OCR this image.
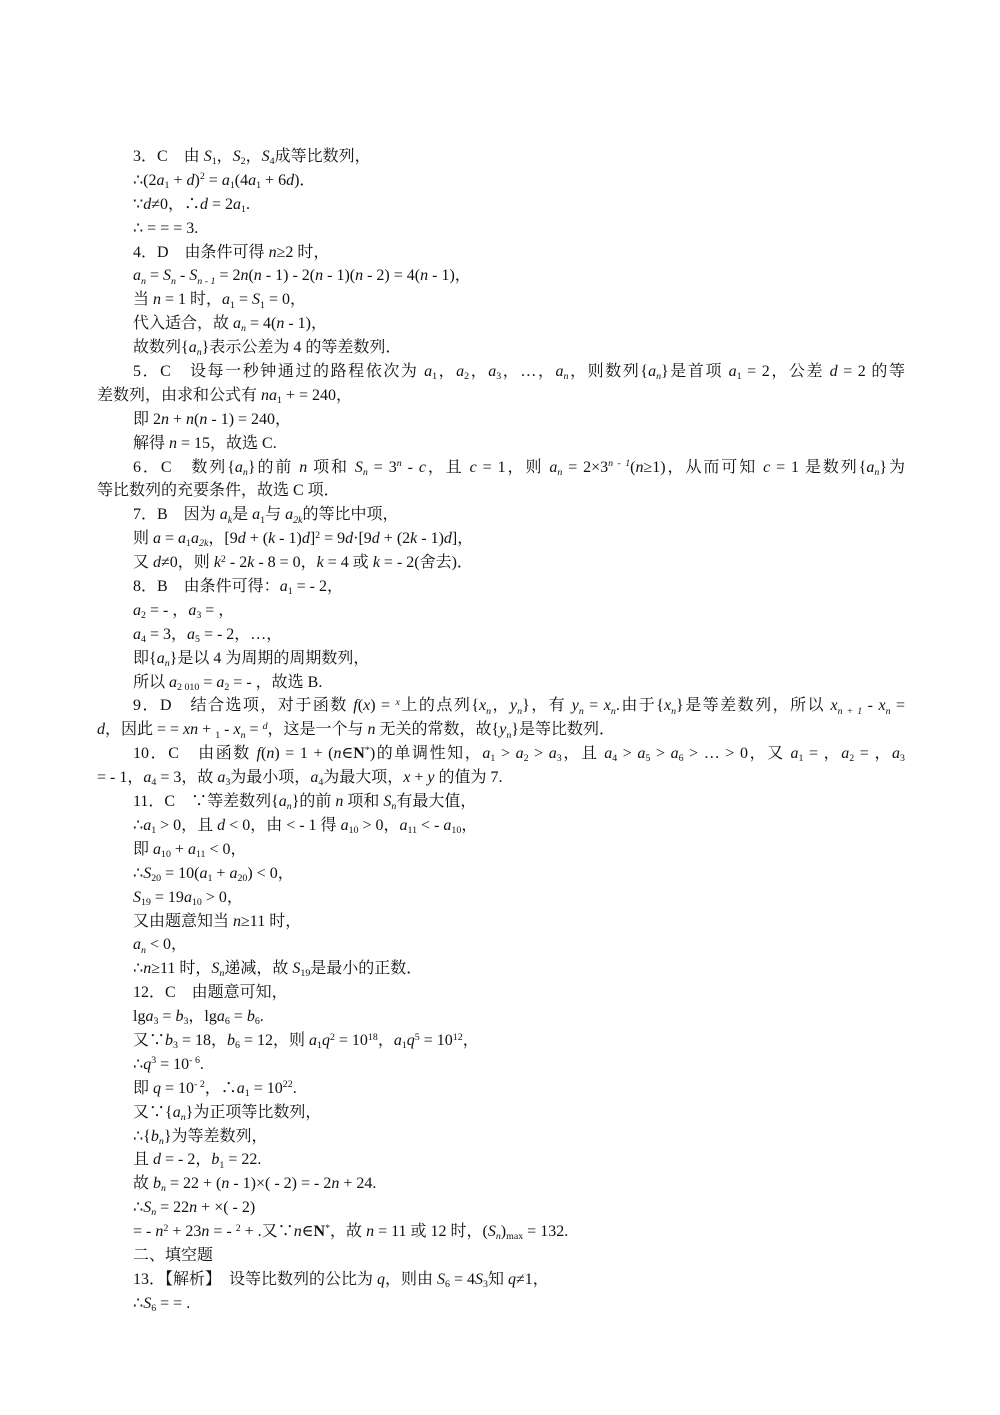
3．C　由 S1，S2，S4成等比数列，
∴(2a1 + d)$^2$ = a1(4a1 + 6d)．
∵d≠0，∴d = 2a1.
∴ = = = 3.
4．D　由条件可得 n≥2 时，
an = Sn - Sn - 1 = 2n(n - 1) - 2(n - 1)(n - 2) = 4(n - 1)，
当 n = 1 时，a1 = S1 = 0，
代入适合，故 an = 4(n - 1)，
故数列{an}表示公差为 4 的等差数列．
5．C　设每一秒钟通过的路程依次为 a1，a2，a3，…，an，则数列{an}是首项 a1 = 2，公差 d = 2 的等
差数列，由求和公式有 na1 + = 240，
即 2n + n(n - 1) = 240，
解得 n = 15，故选 C.
6．C　数列{an}的前 n 项和 $Sn = 3^n - c$，且 c = 1，则 an = $2\times 3^{n - 1}(n\ge 1)$，从而可知 c = 1 是数列{an}为
等比数列的充要条件，故选 C 项．
7．B　因为 ak是 a1与 a2k的等比中项，
则 a = a1a2k，$[9d + (k - 1)d]^2 = 9d\cdot[9d + (2k - 1)d]$，
又 d≠0，则 $k^2 - 2k - 8 = 0$，k = 4 或 k = - 2(舍去)．
8．B　由条件可得：a1 = - 2，
a2 = - ，a3 = ，
a4 = 3，a5 = - 2，…，
即{an}是以 4 为周期的周期数列，
所以 a2 010 = a2 = - ，故选 B.
9．D　结合选项，对于函数 f(x) = $^x$上的点列{xn，yn}，有 yn = xn.由于{xn}是等差数列，所以 xn + 1 - xn =
d，因此 = = xn + 1 - xn = $^d$，这是一个与 n 无关的常数，故{yn}是等比数列．
10．C　由函数 f(n) = 1 + (n∈N*)的单调性知，a1 > a2 > a3，且 a4 > a5 > a6 > … > 0，又 a1 = ，a2 = ，a3
= - 1，a4 = 3，故 a3为最小项，a4为最大项，x + y 的值为 7.
11．C　∵等差数列{an}的前 n 项和 Sn有最大值，
∴a1 > 0，且 d < 0，由 < - 1 得 a10 > 0，a11 < - a10，
即 a10 + a11 < 0，
∴S20 = 10(a1 + a20) < 0，
S19 = 19a10 > 0，
又由题意知当 n≥11 时，
an < 0，
∴n≥11 时，Sn递减，故 S19是最小的正数．
12．C　由题意可知，
lga3 = b3，lga6 = b6.
又∵b3 = 18，b6 = 12，则 $a1q^2 = 10^{18}$，$a1q^5 = 10^{12}$，
$\therefore q^3 = 10^{- 6}$.
即 $q = 10^{- 2}$，∴a1 = $10^{22}$.
又∵{an}为正项等比数列，
∴{bn}为等差数列，
且 d = - 2，b1 = 22.
故 bn = 22 + (n - 1)×( - 2) = - 2n + 24.
∴Sn = 22n + ×( - 2)
= - $n^2 + 23n$ = - $^2$ + .又∵n∈N*，故 n = 11 或 12 时，(Sn)max = 132.
二、填空题
13．【解析】　设等比数列的公比为 q，则由 S6 = 4S3知 q≠1，
∴S6 = = .
